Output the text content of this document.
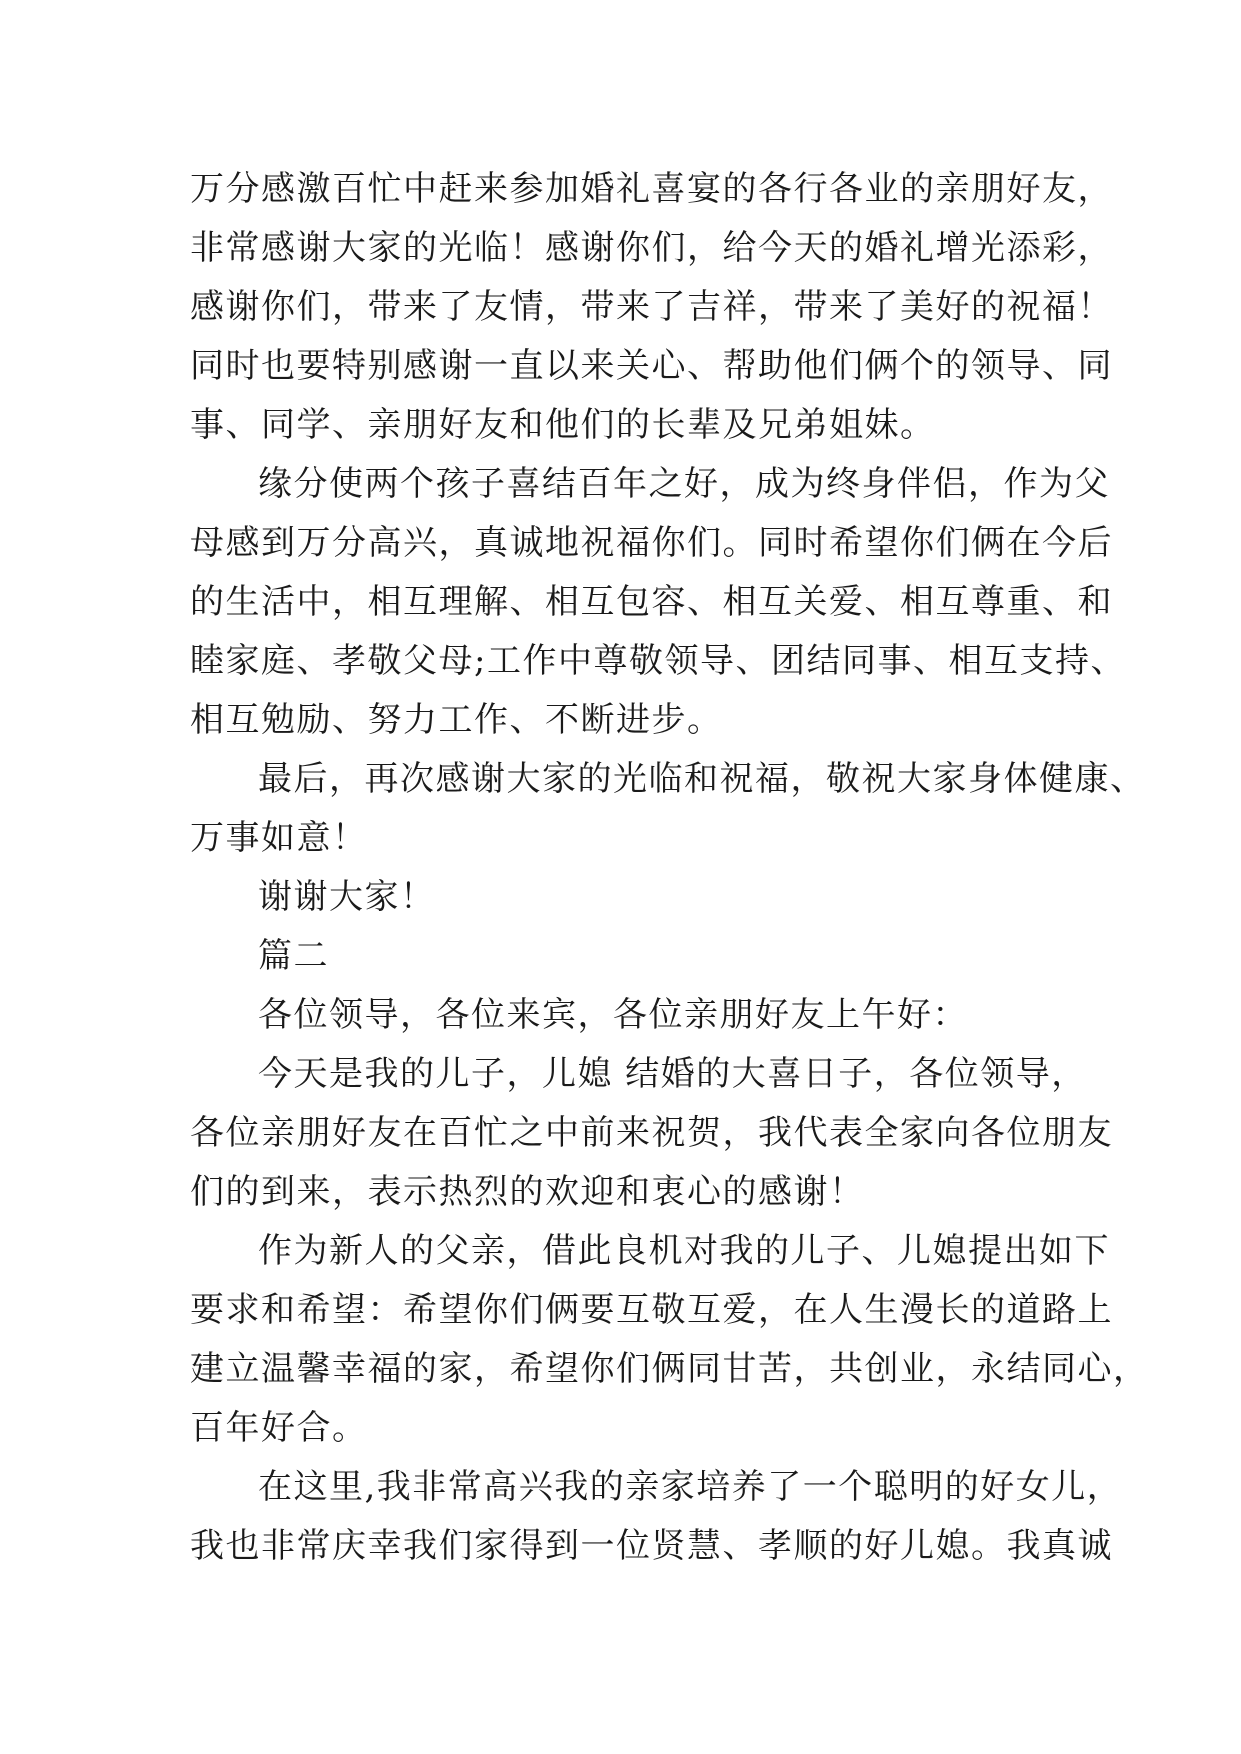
万分感激百忙中赶来参加婚礼喜宴的各行各业的亲朋好友，
非常感谢大家的光临！感谢你们，给今天的婚礼增光添彩，
感谢你们，带来了友情，带来了吉祥，带来了美好的祝福！
同时也要特别感谢一直以来关心、帮助他们俩个的领导、同
事、同学、亲朋好友和他们的长辈及兄弟姐妹。
缘分使两个孩子喜结百年之好，成为终身伴侣，作为父
母感到万分高兴，真诚地祝福你们。同时希望你们俩在今后
的生活中，相互理解、相互包容、相互关爱、相互尊重、和
睦家庭、孝敬父母;工作中尊敬领导、团结同事、相互支持、
相互勉励、努力工作、不断进步。
最后，再次感谢大家的光临和祝福，敬祝大家身体健康、
万事如意！
谢谢大家！
篇二
各位领导，各位来宾，各位亲朋好友上午好：
今天是我的儿子，儿媳 结婚的大喜日子，各位领导，
各位亲朋好友在百忙之中前来祝贺，我代表全家向各位朋友
们的到来，表示热烈的欢迎和衷心的感谢！
作为新人的父亲，借此良机对我的儿子、儿媳提出如下
要求和希望：希望你们俩要互敬互爱，在人生漫长的道路上
建立温馨幸福的家，希望你们俩同甘苦，共创业，永结同心，
百年好合。
在这里,我非常高兴我的亲家培养了一个聪明的好女儿，
我也非常庆幸我们家得到一位贤慧、孝顺的好儿媳。我真诚
